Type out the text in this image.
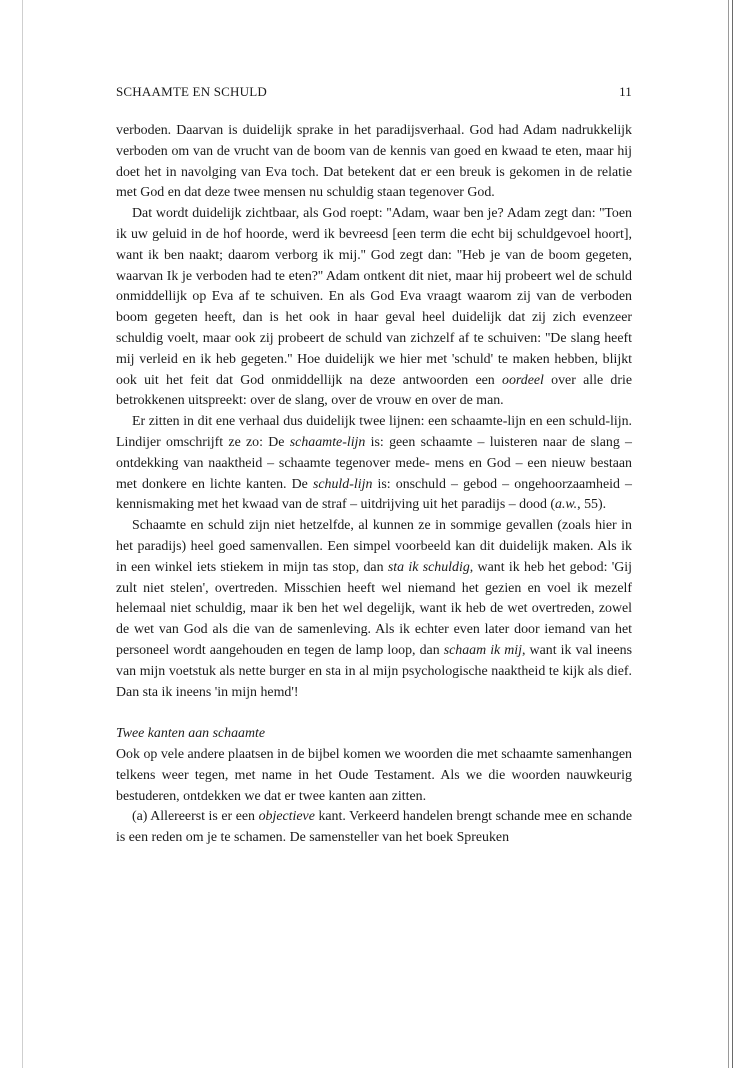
SCHAAMTE EN SCHULD	11

verboden. Daarvan is duidelijk sprake in het paradijsverhaal. God had Adam nadrukkelijk verboden om van de vrucht van de boom van de kennis van goed en kwaad te eten, maar hij doet het in navolging van Eva toch. Dat betekent dat er een breuk is gekomen in de relatie met God en dat deze twee mensen nu schuldig staan tegenover God.

Dat wordt duidelijk zichtbaar, als God roept: ''Adam, waar ben je? Adam zegt dan: ''Toen ik uw geluid in de hof hoorde, werd ik bevreesd [een term die echt bij schuldgevoel hoort], want ik ben naakt; daarom verborg ik mij.'' God zegt dan: ''Heb je van de boom gegeten, waarvan Ik je verboden had te eten?'' Adam ontkent dit niet, maar hij probeert wel de schuld onmiddellijk op Eva af te schuiven. En als God Eva vraagt waarom zij van de verboden boom gegeten heeft, dan is het ook in haar geval heel duidelijk dat zij zich evenzeer schuldig voelt, maar ook zij probeert de schuld van zichzelf af te schuiven: ''De slang heeft mij verleid en ik heb gegeten.'' Hoe duidelijk we hier met 'schuld' te maken hebben, blijkt ook uit het feit dat God onmiddellijk na deze antwoorden een oordeel over alle drie betrokkenen uitspreekt: over de slang, over de vrouw en over de man.

Er zitten in dit ene verhaal dus duidelijk twee lijnen: een schaamte-lijn en een schuld-lijn. Lindijer omschrijft ze zo: De schaamte-lijn is: geen schaamte – luisteren naar de slang – ontdekking van naaktheid – schaamte tegenover mede- mens en God – een nieuw bestaan met donkere en lichte kanten. De schuld-lijn is: onschuld – gebod – ongehoorzaamheid – kennismaking met het kwaad van de straf – uitdrijving uit het paradijs – dood (a.w., 55).

Schaamte en schuld zijn niet hetzelfde, al kunnen ze in sommige gevallen (zoals hier in het paradijs) heel goed samenvallen. Een simpel voorbeeld kan dit duidelijk maken. Als ik in een winkel iets stiekem in mijn tas stop, dan sta ik schuldig, want ik heb het gebod: 'Gij zult niet stelen', overtreden. Misschien heeft wel niemand het gezien en voel ik mezelf helemaal niet schuldig, maar ik ben het wel degelijk, want ik heb de wet overtreden, zowel de wet van God als die van de samenleving. Als ik echter even later door iemand van het personeel wordt aangehouden en tegen de lamp loop, dan schaam ik mij, want ik val ineens van mijn voetstuk als nette burger en sta in al mijn psychologische naaktheid te kijk als dief. Dan sta ik ineens 'in mijn hemd'!

Twee kanten aan schaamte

Ook op vele andere plaatsen in de bijbel komen we woorden die met schaamte samenhangen telkens weer tegen, met name in het Oude Testament. Als we die woorden nauwkeurig bestuderen, ontdekken we dat er twee kanten aan zitten.

(a) Allereerst is er een objectieve kant. Verkeerd handelen brengt schande mee en schande is een reden om je te schamen. De samensteller van het boek Spreuken
